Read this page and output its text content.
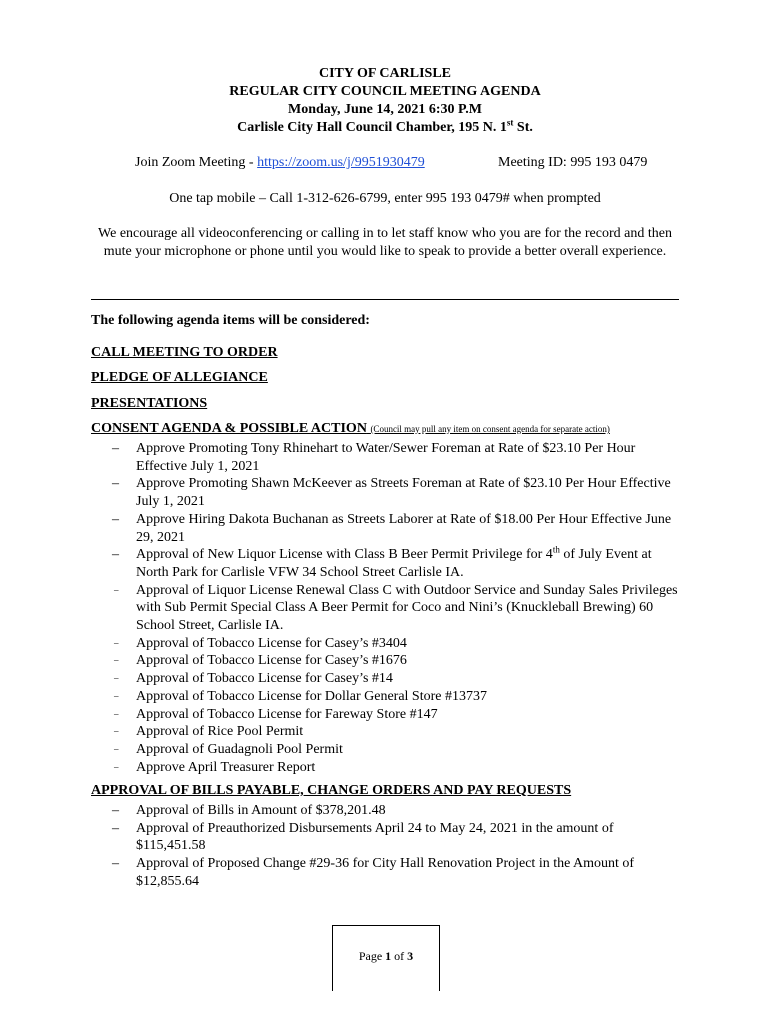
CITY OF CARLISLE
REGULAR CITY COUNCIL MEETING AGENDA
Monday, June 14, 2021 6:30 P.M
Carlisle City Hall Council Chamber, 195 N. 1st St.
Join Zoom Meeting - https://zoom.us/j/9951930479	Meeting ID: 995 193 0479
One tap mobile – Call 1-312-626-6799, enter 995 193 0479# when prompted
We encourage all videoconferencing or calling in to let staff know who you are for the record and then mute your microphone or phone until you would like to speak to provide a better overall experience.
The following agenda items will be considered:
CALL MEETING TO ORDER
PLEDGE OF ALLEGIANCE
PRESENTATIONS
CONSENT AGENDA & POSSIBLE ACTION (Council may pull any item on consent agenda for separate action)
–	Approve Promoting Tony Rhinehart to Water/Sewer Foreman at Rate of $23.10 Per Hour Effective July 1, 2021
–	Approve Promoting Shawn McKeever as Streets Foreman at Rate of $23.10 Per Hour Effective July 1, 2021
–	Approve Hiring Dakota Buchanan as Streets Laborer at Rate of $18.00 Per Hour Effective June 29, 2021
–	Approval of New Liquor License with Class B Beer Permit Privilege for 4th of July Event at North Park for Carlisle VFW 34 School Street Carlisle IA.
–	Approval of Liquor License Renewal Class C with Outdoor Service and Sunday Sales Privileges with Sub Permit Special Class A Beer Permit for Coco and Nini’s (Knuckleball Brewing) 60 School Street, Carlisle IA.
–	Approval of Tobacco License for Casey’s #3404
–	Approval of Tobacco License for Casey’s #1676
–	Approval of Tobacco License for Casey’s #14
–	Approval of Tobacco License for Dollar General Store #13737
–	Approval of Tobacco License for Fareway Store #147
–	Approval of Rice Pool Permit
–	Approval of Guadagnoli Pool Permit
–	Approve April Treasurer Report
APPROVAL OF BILLS PAYABLE, CHANGE ORDERS AND PAY REQUESTS
–	Approval of Bills in Amount of $378,201.48
–	Approval of Preauthorized Disbursements April 24 to May 24, 2021 in the amount of $115,451.58
–	Approval of Proposed Change #29-36 for City Hall Renovation Project in the Amount of $12,855.64
Page 1 of 3
